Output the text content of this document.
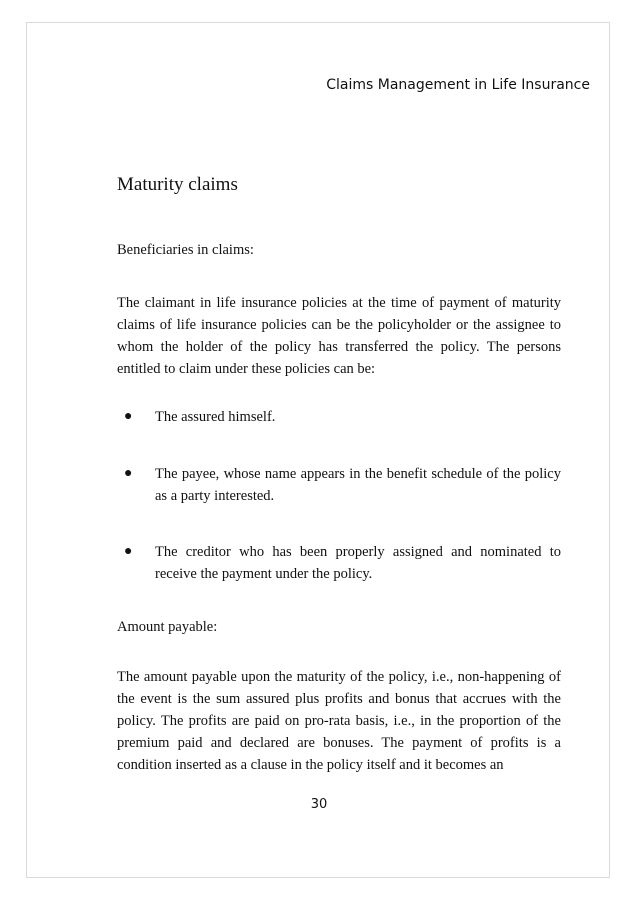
Claims Management in Life Insurance
Maturity claims

Beneficiaries in claims:

The claimant in life insurance policies at the time of payment of maturity claims of life insurance policies can be the policyholder or the assignee to whom the holder of the policy has transferred the policy. The persons entitled to claim under these policies can be:

● The assured himself.
● The payee, whose name appears in the benefit schedule of the policy as a party interested.
● The creditor who has been properly assigned and nominated to receive the payment under the policy.

Amount payable:

The amount payable upon the maturity of the policy, i.e., non-happening of the event is the sum assured plus profits and bonus that accrues with the policy. The profits are paid on pro-rata basis, i.e., in the proportion of the premium paid and declared are bonuses. The payment of profits is a condition inserted as a clause in the policy itself and it becomes an

30
